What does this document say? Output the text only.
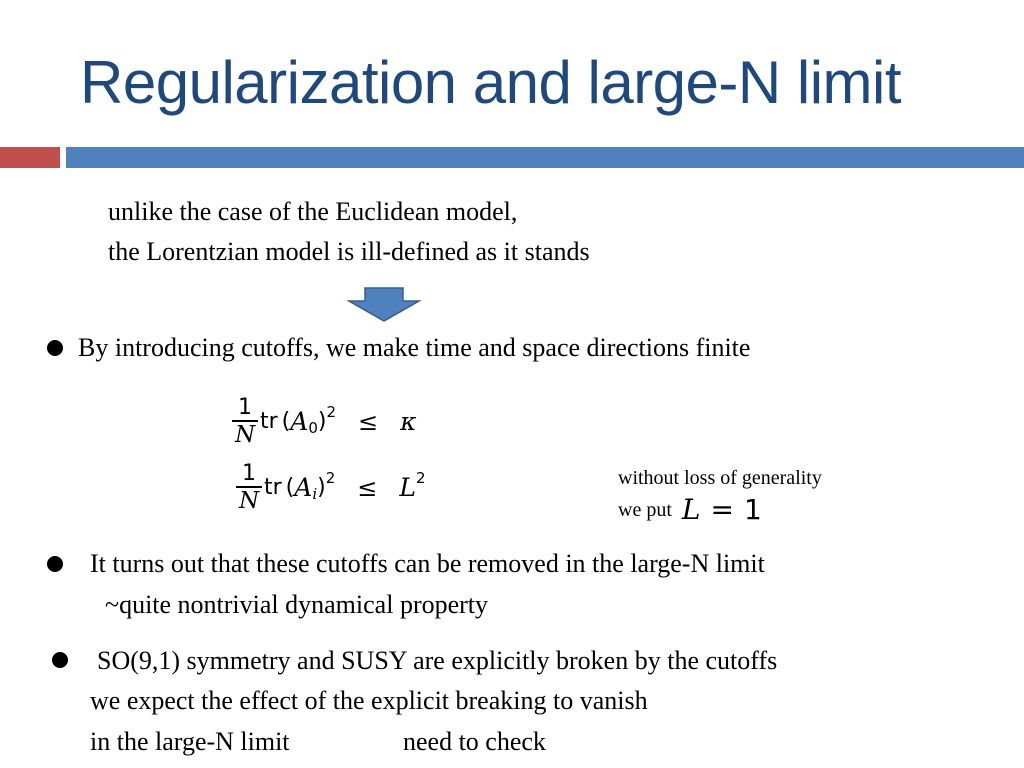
Regularization and large-N limit
unlike the case of the Euclidean model,
the Lorentzian model is ill-defined as it stands
By introducing cutoffs, we make time and space directions finite
$\frac{1}{N}$ tr ( A 0 ) 2 ≤ κ
$\frac{1}{N}$ tr ( A i ) 2 ≤ L 2	without loss of generality
we put L = 1
It turns out that these cutoffs can be removed in the large-N limit
~quite nontrivial dynamical property
SO(9,1) symmetry and SUSY are explicitly broken by the cutoffs
we expect the effect of the explicit breaking to vanish
in the large-N limit	need to check
